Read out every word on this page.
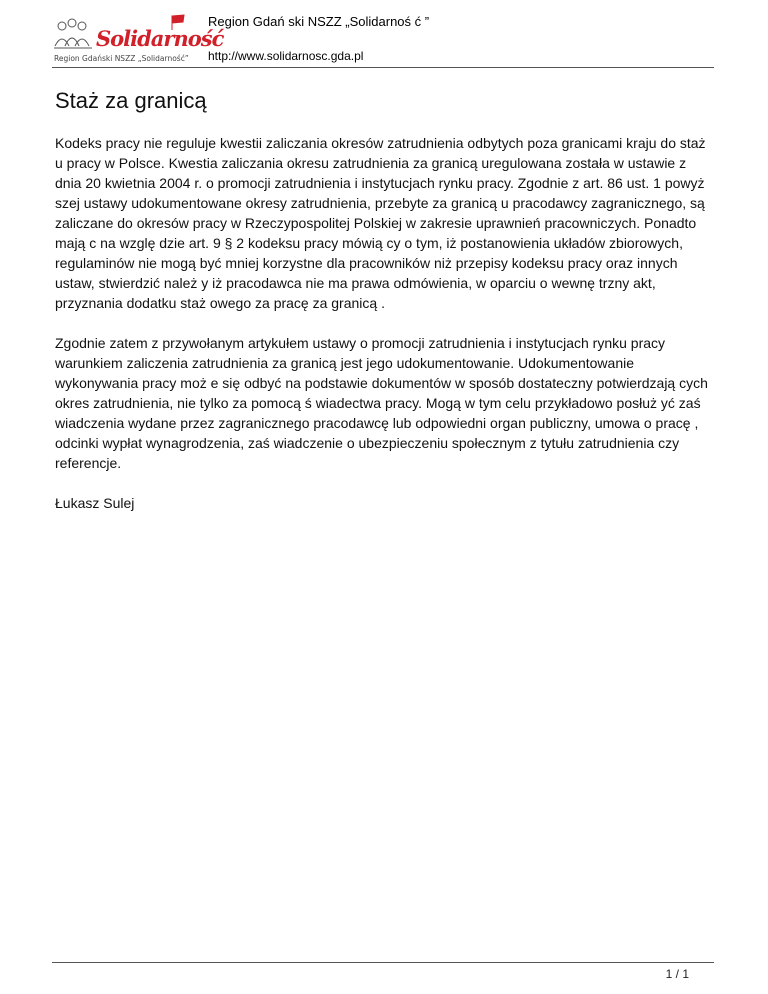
Solidarność
Region Gdański NSZZ „Solidarność”
Region Gdań ski NSZZ „Solidarnoś ć ”
http://www.solidarnosc.gda.pl
Staż za granicą

Kodeks pracy nie reguluje kwestii zaliczania okresów zatrudnienia odbytych poza granicami kraju do staż u pracy w Polsce. Kwestia zaliczania okresu zatrudnienia za granicą uregulowana została w ustawie z dnia 20 kwietnia 2004 r. o promocji zatrudnienia i instytucjach rynku pracy. Zgodnie z art. 86 ust. 1 powyż szej ustawy udokumentowane okresy zatrudnienia, przebyte za granicą u pracodawcy zagranicznego, są zaliczane do okresów pracy w Rzeczypospolitej Polskiej w zakresie uprawnień pracowniczych. Ponadto mają c na wzglę dzie art. 9 § 2 kodeksu pracy mówią cy o tym, iż postanowienia układów zbiorowych, regulaminów nie mogą być mniej korzystne dla pracowników niż przepisy kodeksu pracy oraz innych ustaw, stwierdzić należ y iż pracodawca nie ma prawa odmówienia, w oparciu o wewnę trzny akt, przyznania dodatku staż owego za pracę za granicą .

Zgodnie zatem z przywołanym artykułem ustawy o promocji zatrudnienia i instytucjach rynku pracy warunkiem zaliczenia zatrudnienia za granicą jest jego udokumentowanie. Udokumentowanie wykonywania pracy moż e się odbyć na podstawie dokumentów w sposób dostateczny potwierdzają cych okres zatrudnienia, nie tylko za pomocą ś wiadectwa pracy. Mogą w tym celu przykładowo posłuż yć zaś wiadczenia wydane przez zagranicznego pracodawcę lub odpowiedni organ publiczny, umowa o pracę , odcinki wypłat wynagrodzenia, zaś wiadczenie o ubezpieczeniu społecznym z tytułu zatrudnienia czy referencje.

Łukasz Sulej

1 / 1
